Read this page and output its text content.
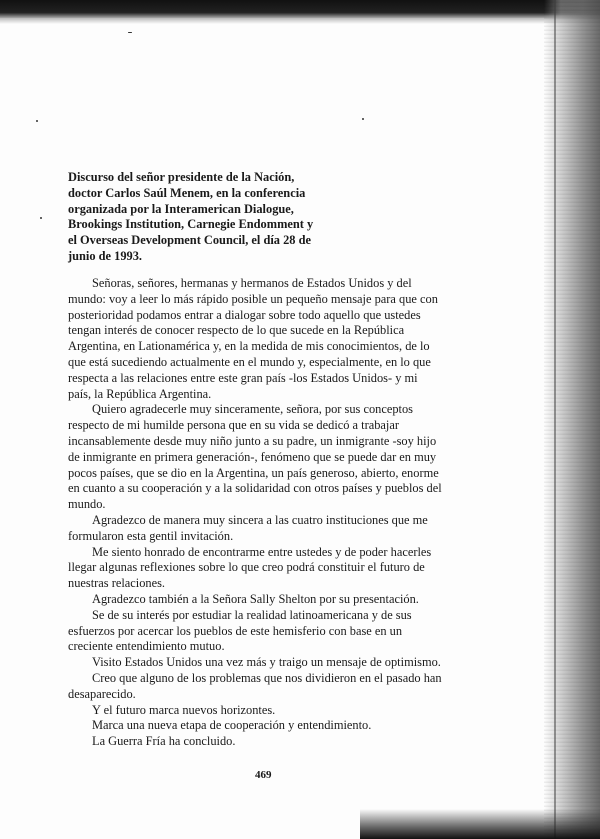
Discurso del señor presidente de la Nación,
doctor Carlos Saúl Menem, en la conferencia
organizada por la Interamerican Dialogue,
Brookings Institution, Carnegie Endomment y
el Overseas Development Council, el día 28 de
junio de 1993.
Señoras, señores, hermanas y hermanos de Estados Unidos y del
mundo: voy a leer lo más rápido posible un pequeño mensaje para que con
posterioridad podamos entrar a dialogar sobre todo aquello que ustedes
tengan interés de conocer respecto de lo que sucede en la República
Argentina, en Lationamérica y, en la medida de mis conocimientos, de lo
que está sucediendo actualmente en el mundo y, especialmente, en lo que
respecta a las relaciones entre este gran país -los Estados Unidos- y mi
país, la República Argentina.
Quiero agradecerle muy sinceramente, señora, por sus conceptos
respecto de mi humilde persona que en su vida se dedicó a trabajar
incansablemente desde muy niño junto a su padre, un inmigrante -soy hijo
de inmigrante en primera generación-, fenómeno que se puede dar en muy
pocos países, que se dio en la Argentina, un país generoso, abierto, enorme
en cuanto a su cooperación y a la solidaridad con otros países y pueblos del
mundo.
Agradezco de manera muy sincera a las cuatro instituciones que me
formularon esta gentil invitación.
Me siento honrado de encontrarme entre ustedes y de poder hacerles
llegar algunas reflexiones sobre lo que creo podrá constituir el futuro de
nuestras relaciones.
Agradezco también a la Señora Sally Shelton por su presentación.
Se de su interés por estudiar la realidad latinoamericana y de sus
esfuerzos por acercar los pueblos de este hemisferio con base en un
creciente entendimiento mutuo.
Visito Estados Unidos una vez más y traigo un mensaje de optimismo.
Creo que alguno de los problemas que nos dividieron en el pasado han
desaparecido.
Y el futuro marca nuevos horizontes.
Marca una nueva etapa de cooperación y entendimiento.
La Guerra Fría ha concluido.
469
